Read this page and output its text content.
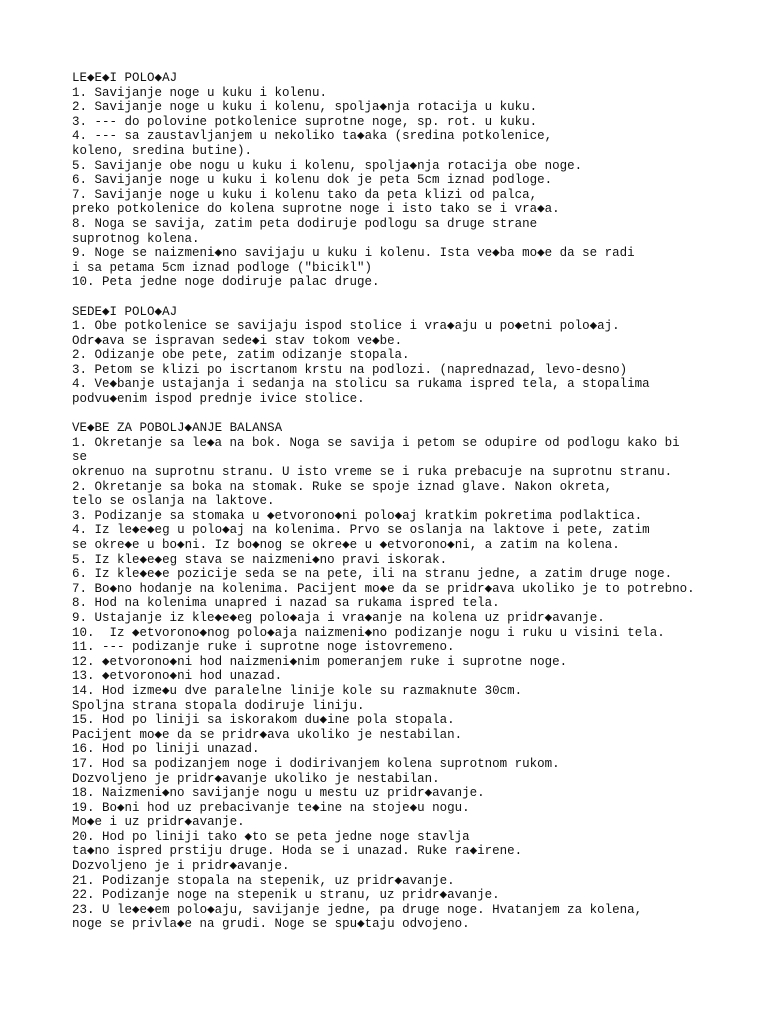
LE◆E◆I POLO◆AJ
1. Savijanje noge u kuku i kolenu.
2. Savijanje noge u kuku i kolenu, spolja◆nja rotacija u kuku.
3. --- do polovine potkolenice suprotne noge, sp. rot. u kuku.
4. --- sa zaustavljanjem u nekoliko ta◆aka (sredina potkolenice,
koleno, sredina butine).
5. Savijanje obe nogu u kuku i kolenu, spolja◆nja rotacija obe noge.
6. Savijanje noge u kuku i kolenu dok je peta 5cm iznad podloge.
7. Savijanje noge u kuku i kolenu tako da peta klizi od palca,
preko potkolenice do kolena suprotne noge i isto tako se i vra◆a.
8. Noga se savija, zatim peta dodiruje podlogu sa druge strane
suprotnog kolena.
9. Noge se naizmeni◆no savijaju u kuku i kolenu. Ista ve◆ba mo◆e da se radi
i sa petama 5cm iznad podloge ("bicikl")
10. Peta jedne noge dodiruje palac druge.
SEDE◆I POLO◆AJ
1. Obe potkolenice se savijaju ispod stolice i vra◆aju u po◆etni polo◆aj.
Odr◆ava se ispravan sede◆i stav tokom ve◆be.
2. Odizanje obe pete, zatim odizanje stopala.
3. Petom se klizi po iscrtanom krstu na podlozi. (naprednazad, levo-desno)
4. Ve◆banje ustajanja i sedanja na stolicu sa rukama ispred tela, a stopalima
podvu◆enim ispod prednje ivice stolice.
VE◆BE ZA POBOLJ◆ANJE BALANSA
1. Okretanje sa le◆a na bok. Noga se savija i petom se odupire od podlogu kako bi
se
okrenuo na suprotnu stranu. U isto vreme se i ruka prebacuje na suprotnu stranu.
2. Okretanje sa boka na stomak. Ruke se spoje iznad glave. Nakon okreta,
telo se oslanja na laktove.
3. Podizanje sa stomaka u ◆etvorono◆ni polo◆aj kratkim pokretima podlaktica.
4. Iz le◆e◆eg u polo◆aj na kolenima. Prvo se oslanja na laktove i pete, zatim
se okre◆e u bo◆ni. Iz bo◆nog se okre◆e u ◆etvorono◆ni, a zatim na kolena.
5. Iz kle◆e◆eg stava se naizmeni◆no pravi iskorak.
6. Iz kle◆e◆e pozicije seda se na pete, ili na stranu jedne, a zatim druge noge.
7. Bo◆no hodanje na kolenima. Pacijent mo◆e da se pridr◆ava ukoliko je to potrebno.
8. Hod na kolenima unapred i nazad sa rukama ispred tela.
9. Ustajanje iz kle◆e◆eg polo◆aja i vra◆anje na kolena uz pridr◆avanje.
10.  Iz ◆etvorono◆nog polo◆aja naizmeni◆no podizanje nogu i ruku u visini tela.
11. --- podizanje ruke i suprotne noge istovremeno.
12. ◆etvorono◆ni hod naizmeni◆nim pomeranjem ruke i suprotne noge.
13. ◆etvorono◆ni hod unazad.
14. Hod izme◆u dve paralelne linije kole su razmaknute 30cm.
Spoljna strana stopala dodiruje liniju.
15. Hod po liniji sa iskorakom du◆ine pola stopala.
Pacijent mo◆e da se pridr◆ava ukoliko je nestabilan.
16. Hod po liniji unazad.
17. Hod sa podizanjem noge i dodirivanjem kolena suprotnom rukom.
Dozvoljeno je pridr◆avanje ukoliko je nestabilan.
18. Naizmeni◆no savijanje nogu u mestu uz pridr◆avanje.
19. Bo◆ni hod uz prebacivanje te◆ine na stoje◆u nogu.
Mo◆e i uz pridr◆avanje.
20. Hod po liniji tako ◆to se peta jedne noge stavlja
ta◆no ispred prstiju druge. Hoda se i unazad. Ruke ra◆irene.
Dozvoljeno je i pridr◆avanje.
21. Podizanje stopala na stepenik, uz pridr◆avanje.
22. Podizanje noge na stepenik u stranu, uz pridr◆avanje.
23. U le◆e◆em polo◆aju, savijanje jedne, pa druge noge. Hvatanjem za kolena,
noge se privla◆e na grudi. Noge se spu◆taju odvojeno.
